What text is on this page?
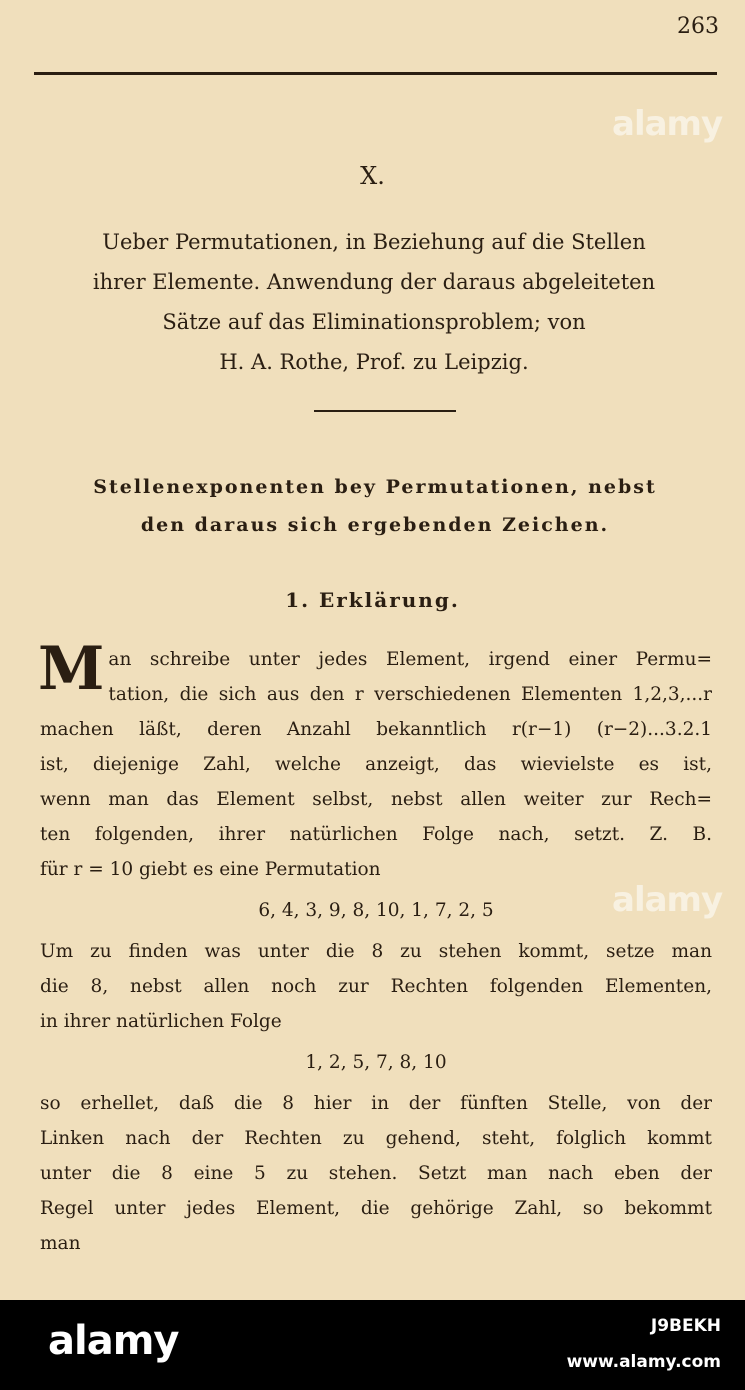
263
X.
Ueber Permutationen, in Beziehung auf die Stellen
ihrer Elemente. Anwendung der daraus abgeleiteten
Sätze auf das Eliminationsproblem; von
H. A. Rothe, Prof. zu Leipzig.
Stellenexponenten bey Permutationen, nebst
den daraus sich ergebenden Zeichen.
1. Erklärung.
M an schreibe unter jedes Element, irgend einer Permu=
tation, die sich aus den r verschiedenen Elementen 1,2,3,...r
machen läßt, deren Anzahl bekanntlich r(r−1) (r−2)...3.2.1
ist, diejenige Zahl, welche anzeigt, das wievielste es ist,
wenn man das Element selbst, nebst allen weiter zur Rech=
ten folgenden, ihrer natürlichen Folge nach, setzt. Z. B.
für r = 10 giebt es eine Permutation
6, 4, 3, 9, 8, 10, 1, 7, 2, 5
Um zu finden was unter die 8 zu stehen kommt, setze man
die 8, nebst allen noch zur Rechten folgenden Elementen,
in ihrer natürlichen Folge
1, 2, 5, 7, 8, 10
so erhellet, daß die 8 hier in der fünften Stelle, von der
Linken nach der Rechten zu gehend, steht, folglich kommt
unter die 8 eine 5 zu stehen. Setzt man nach eben der
Regel unter jedes Element, die gehörige Zahl, so bekommt
man
alamy
alamy
alamy	J9BEKH
www.alamy.com
